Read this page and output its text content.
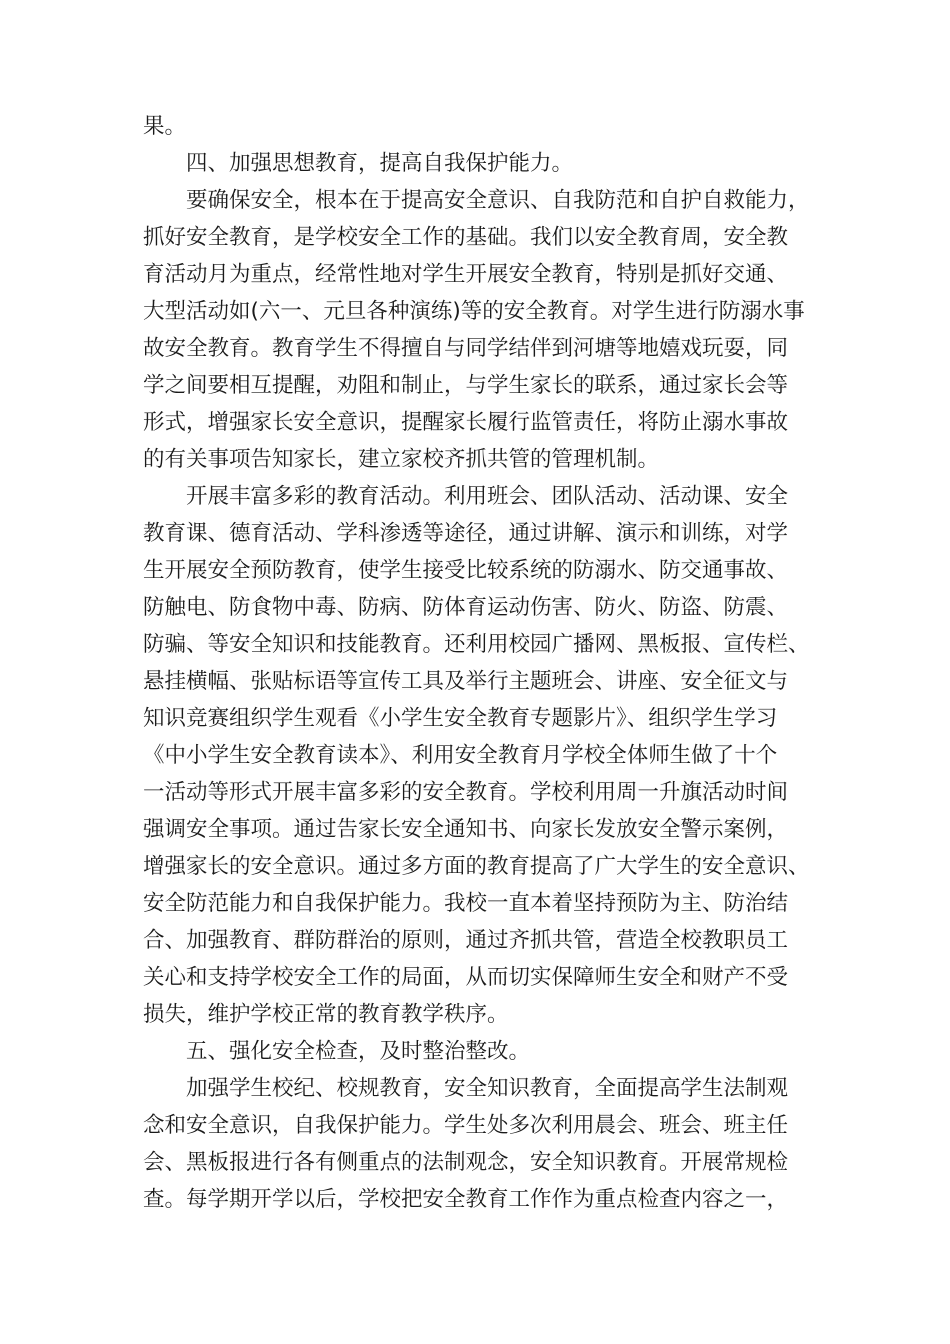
果。
四、加强思想教育，提高自我保护能力。
要确保安全，根本在于提高安全意识、自我防范和自护自救能力，
抓好安全教育，是学校安全工作的基础。我们以安全教育周，安全教
育活动月为重点，经常性地对学生开展安全教育，特别是抓好交通、
大型活动如(六一、元旦各种演练)等的安全教育。对学生进行防溺水事
故安全教育。教育学生不得擅自与同学结伴到河塘等地嬉戏玩耍，同
学之间要相互提醒，劝阻和制止，与学生家长的联系，通过家长会等
形式，增强家长安全意识，提醒家长履行监管责任，将防止溺水事故
的有关事项告知家长，建立家校齐抓共管的管理机制。
开展丰富多彩的教育活动。利用班会、团队活动、活动课、安全
教育课、德育活动、学科渗透等途径，通过讲解、演示和训练，对学
生开展安全预防教育，使学生接受比较系统的防溺水、防交通事故、
防触电、防食物中毒、防病、防体育运动伤害、防火、防盗、防震、
防骗、等安全知识和技能教育。还利用校园广播网、黑板报、宣传栏、
悬挂横幅、张贴标语等宣传工具及举行主题班会、讲座、安全征文与
知识竞赛组织学生观看《小学生安全教育专题影片》、组织学生学习
《中小学生安全教育读本》、利用安全教育月学校全体师生做了十个
一活动等形式开展丰富多彩的安全教育。学校利用周一升旗活动时间
强调安全事项。通过告家长安全通知书、向家长发放安全警示案例，
增强家长的安全意识。通过多方面的教育提高了广大学生的安全意识、
安全防范能力和自我保护能力。我校一直本着坚持预防为主、防治结
合、加强教育、群防群治的原则，通过齐抓共管，营造全校教职员工
关心和支持学校安全工作的局面，从而切实保障师生安全和财产不受
损失，维护学校正常的教育教学秩序。
五、强化安全检查，及时整治整改。
加强学生校纪、校规教育，安全知识教育，全面提高学生法制观
念和安全意识，自我保护能力。学生处多次利用晨会、班会、班主任
会、黑板报进行各有侧重点的法制观念，安全知识教育。开展常规检
查。每学期开学以后，学校把安全教育工作作为重点检查内容之一，
